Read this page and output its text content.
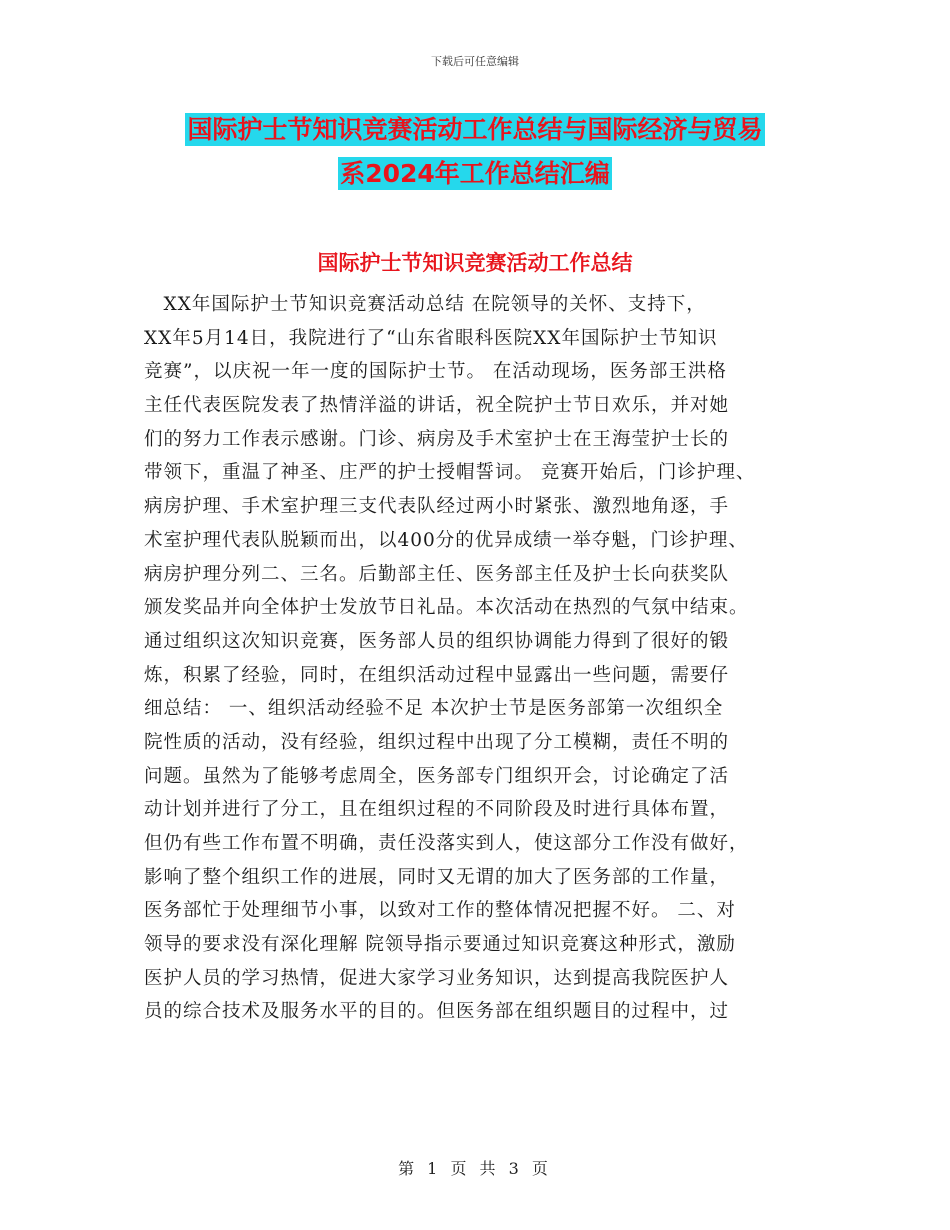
下载后可任意编辑
国际护士节知识竞赛活动工作总结与国际经济与贸易
系2024年工作总结汇编
国际护士节知识竞赛活动工作总结
　XX年国际护士节知识竞赛活动总结 在院领导的关怀、支持下，
XX年5月14日，我院进行了“山东省眼科医院XX年国际护士节知识
竞赛”，以庆祝一年一度的国际护士节。 在活动现场，医务部王洪格
主任代表医院发表了热情洋溢的讲话，祝全院护士节日欢乐，并对她
们的努力工作表示感谢。门诊、病房及手术室护士在王海莹护士长的
带领下，重温了神圣、庄严的护士授帽誓词。 竞赛开始后，门诊护理、
病房护理、手术室护理三支代表队经过两小时紧张、激烈地角逐，手
术室护理代表队脱颖而出，以400分的优异成绩一举夺魁，门诊护理、
病房护理分列二、三名。后勤部主任、医务部主任及护士长向获奖队
颁发奖品并向全体护士发放节日礼品。本次活动在热烈的气氛中结束。
通过组织这次知识竞赛，医务部人员的组织协调能力得到了很好的锻
炼，积累了经验，同时，在组织活动过程中显露出一些问题，需要仔
细总结： 一、组织活动经验不足 本次护士节是医务部第一次组织全
院性质的活动，没有经验，组织过程中出现了分工模糊，责任不明的
问题。虽然为了能够考虑周全，医务部专门组织开会，讨论确定了活
动计划并进行了分工，且在组织过程的不同阶段及时进行具体布置，
但仍有些工作布置不明确，责任没落实到人，使这部分工作没有做好，
影响了整个组织工作的进展，同时又无谓的加大了医务部的工作量，
医务部忙于处理细节小事，以致对工作的整体情况把握不好。 二、对
领导的要求没有深化理解 院领导指示要通过知识竞赛这种形式，激励
医护人员的学习热情，促进大家学习业务知识，达到提高我院医护人
员的综合技术及服务水平的目的。但医务部在组织题目的过程中，过
第 1 页 共 3 页
